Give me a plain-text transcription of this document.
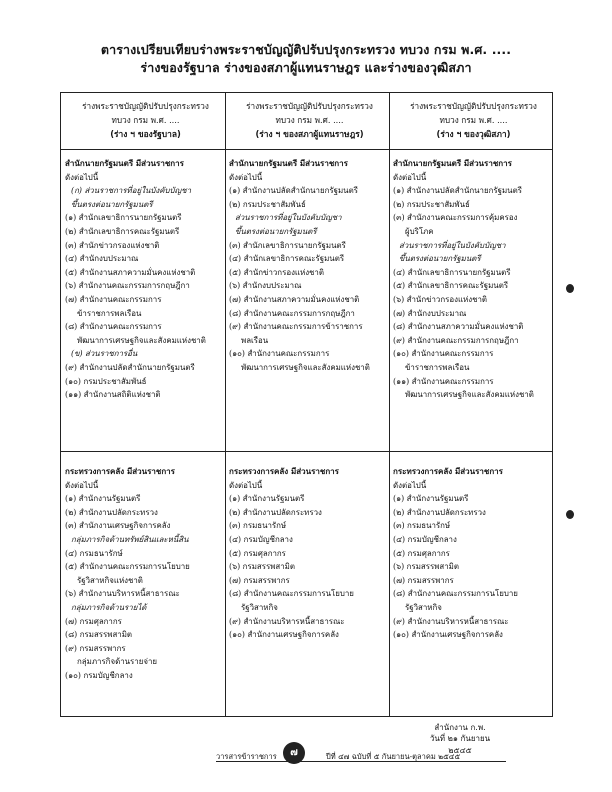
ตารางเปรียบเทียบร่างพระราชบัญญัติปรับปรุงกระทรวง ทบวง กรม พ.ศ. ....
ร่างของรัฐบาล ร่างของสภาผู้แทนราษฎร และร่างของวุฒิสภา
ร่างพระราชบัญญัติปรับปรุงกระทรวง
ทบวง กรม พ.ศ. ....
(ร่าง ฯ ของรัฐบาล)
ร่างพระราชบัญญัติปรับปรุงกระทรวง
ทบวง กรม พ.ศ. ....
(ร่าง ฯ ของสภาผู้แทนราษฎร)
ร่างพระราชบัญญัติปรับปรุงกระทรวง
ทบวง กรม พ.ศ. ....
(ร่าง ฯ ของวุฒิสภา)
สำนักนายกรัฐมนตรี มีส่วนราชการ
ดังต่อไปนี้
(ก) ส่วนราชการที่อยู่ในบังคับบัญชา
ขึ้นตรงต่อนายกรัฐมนตรี
(๑) สำนักเลขาธิการนายกรัฐมนตรี
(๒) สำนักเลขาธิการคณะรัฐมนตรี
(๓) สำนักข่าวกรองแห่งชาติ
(๔) สำนักงบประมาณ
(๕) สำนักงานสภาความมั่นคงแห่งชาติ
(๖) สำนักงานคณะกรรมการกฤษฎีกา
(๗) สำนักงานคณะกรรมการ
ข้าราชการพลเรือน
(๘) สำนักงานคณะกรรมการ
พัฒนาการเศรษฐกิจและสังคมแห่งชาติ
(ข) ส่วนราชการอื่น
(๙) สำนักงานปลัดสำนักนายกรัฐมนตรี
(๑๐) กรมประชาสัมพันธ์
(๑๑) สำนักงานสถิติแห่งชาติ
สำนักนายกรัฐมนตรี มีส่วนราชการ
ดังต่อไปนี้
(๑) สำนักงานปลัดสำนักนายกรัฐมนตรี
(๒) กรมประชาสัมพันธ์
ส่วนราชการที่อยู่ในบังคับบัญชา
ขึ้นตรงต่อนายกรัฐมนตรี
(๓) สำนักเลขาธิการนายกรัฐมนตรี
(๔) สำนักเลขาธิการคณะรัฐมนตรี
(๕) สำนักข่าวกรองแห่งชาติ
(๖) สำนักงบประมาณ
(๗) สำนักงานสภาความมั่นคงแห่งชาติ
(๘) สำนักงานคณะกรรมการกฤษฎีกา
(๙) สำนักงานคณะกรรมการข้าราชการ
พลเรือน
(๑๐) สำนักงานคณะกรรมการ
พัฒนาการเศรษฐกิจและสังคมแห่งชาติ
สำนักนายกรัฐมนตรี มีส่วนราชการ
ดังต่อไปนี้
(๑) สำนักงานปลัดสำนักนายกรัฐมนตรี
(๒) กรมประชาสัมพันธ์
(๓) สำนักงานคณะกรรมการคุ้มครอง
ผู้บริโภค
ส่วนราชการที่อยู่ในบังคับบัญชา
ขึ้นตรงต่อนายกรัฐมนตรี
(๔) สำนักเลขาธิการนายกรัฐมนตรี
(๕) สำนักเลขาธิการคณะรัฐมนตรี
(๖) สำนักข่าวกรองแห่งชาติ
(๗) สำนักงบประมาณ
(๘) สำนักงานสภาความมั่นคงแห่งชาติ
(๙) สำนักงานคณะกรรมการกฤษฎีกา
(๑๐) สำนักงานคณะกรรมการ
ข้าราชการพลเรือน
(๑๑) สำนักงานคณะกรรมการ
พัฒนาการเศรษฐกิจและสังคมแห่งชาติ
กระทรวงการคลัง มีส่วนราชการ
ดังต่อไปนี้
(๑) สำนักงานรัฐมนตรี
(๒) สำนักงานปลัดกระทรวง
(๓) สำนักงานเศรษฐกิจการคลัง
กลุ่มภารกิจด้านทรัพย์สินและหนี้สิน
(๔) กรมธนารักษ์
(๕) สำนักงานคณะกรรมการนโยบาย
รัฐวิสาหกิจแห่งชาติ
(๖) สำนักงานบริหารหนี้สาธารณะ
กลุ่มภารกิจด้านรายได้
(๗) กรมศุลกากร
(๘) กรมสรรพสามิต
(๙) กรมสรรพากร
กลุ่มภารกิจด้านรายจ่าย
(๑๐) กรมบัญชีกลาง
กระทรวงการคลัง มีส่วนราชการ
ดังต่อไปนี้
(๑) สำนักงานรัฐมนตรี
(๒) สำนักงานปลัดกระทรวง
(๓) กรมธนารักษ์
(๔) กรมบัญชีกลาง
(๕) กรมศุลกากร
(๖) กรมสรรพสามิต
(๗) กรมสรรพากร
(๘) สำนักงานคณะกรรมการนโยบาย
รัฐวิสาหกิจ
(๙) สำนักงานบริหารหนี้สาธารณะ
(๑๐) สำนักงานเศรษฐกิจการคลัง
กระทรวงการคลัง มีส่วนราชการ
ดังต่อไปนี้
(๑) สำนักงานรัฐมนตรี
(๒) สำนักงานปลัดกระทรวง
(๓) กรมธนารักษ์
(๔) กรมบัญชีกลาง
(๕) กรมศุลกากร
(๖) กรมสรรพสามิต
(๗) กรมสรรพากร
(๘) สำนักงานคณะกรรมการนโยบาย
รัฐวิสาหกิจ
(๙) สำนักงานบริหารหนี้สาธารณะ
(๑๐) สำนักงานเศรษฐกิจการคลัง
สำนักงาน ก.พ.
วันที่ ๒๑ กันยายน ๒๕๔๕
วารสารข้าราชการ	ปีที่ ๔๗ ฉบับที่ ๕ กันยายน-ตุลาคม ๒๕๔๕
๗
